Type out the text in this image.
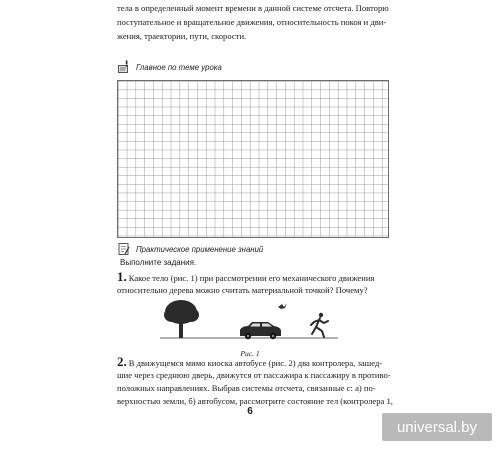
тела в определенный момент времени в данной системе отсчета. Повторю
поступательное и вращательное движения, относительность покоя и дви-
жения, траектории, пути, скорости.
Главное по теме урока
Практическое применение знаний
Выполните задания.
1. Какое тело (рис. 1) при рассмотрении его механического движения
относительно дерева можно считать материальной точкой? Почему?
Рис. 1
2. В движущемся мимо киоска автобусе (рис. 2) два контролера, зашед-
шие через среднюю дверь, движутся от пассажира к пассажиру в противо-
положных направлениях. Выбрав системы отсчета, связанные с: а) по-
верхностью земли, б) автобусом, рассмотрите состояние тел (контролера 1,
6
universal.by
